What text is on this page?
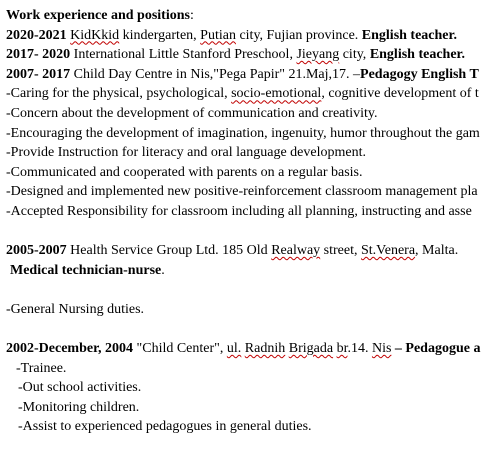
Work experience and positions:
2020-2021 KidKkid kindergarten, Putian city, Fujian province. English teacher.
2017- 2020 International Little Stanford Preschool, Jieyang city, English teacher.
2007- 2017 Child Day Centre in Nis,"Pega Papir" 21.Maj,17. –Pedagogy English T
-Caring for the physical, psychological, socio-emotional, cognitive development of t
-Concern about the development of communication and creativity.
-Encouraging the development of imagination, ingenuity, humor throughout the gam
-Provide Instruction for literacy and oral language development.
-Communicated and cooperated with parents on a regular basis.
-Designed and implemented new positive-reinforcement classroom management pla
-Accepted Responsibility for classroom including all planning, instructing and asse
2005-2007 Health Service Group Ltd. 185 Old Realway street, St.Venera, Malta.
Medical technician-nurse.
-General Nursing duties.
2002-December, 2004 "Child Center", ul. Radnih Brigada br.14. Nis – Pedagogue a
-Trainee.
-Out school activities.
-Monitoring children.
-Assist to experienced pedagogues in general duties.
